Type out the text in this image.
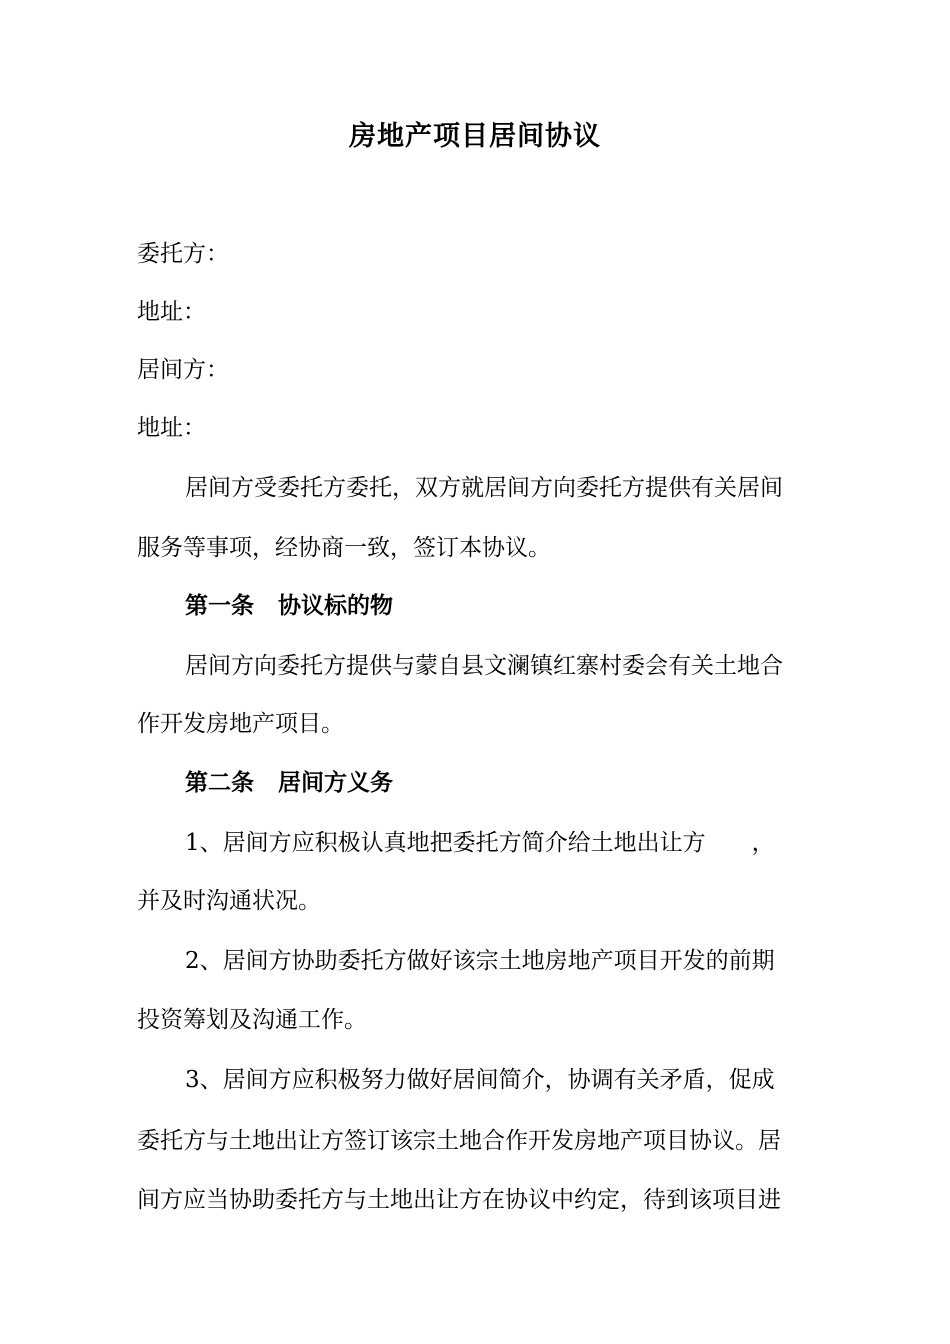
房地产项目居间协议
委托方：
地址：
居间方：
地址：
居间方受委托方委托，双方就居间方向委托方提供有关居间
服务等事项，经协商一致，签订本协议。
第一条 协议标的物
居间方向委托方提供与蒙自县文澜镇红寨村委会有关土地合
作开发房地产项目。
第二条 居间方义务
1、居间方应积极认真地把委托方简介给土地出让方　　，
并及时沟通状况。
2、居间方协助委托方做好该宗土地房地产项目开发的前期
投资筹划及沟通工作。
3、居间方应积极努力做好居间简介，协调有关矛盾，促成
委托方与土地出让方签订该宗土地合作开发房地产项目协议。居
间方应当协助委托方与土地出让方在协议中约定，待到该项目进
